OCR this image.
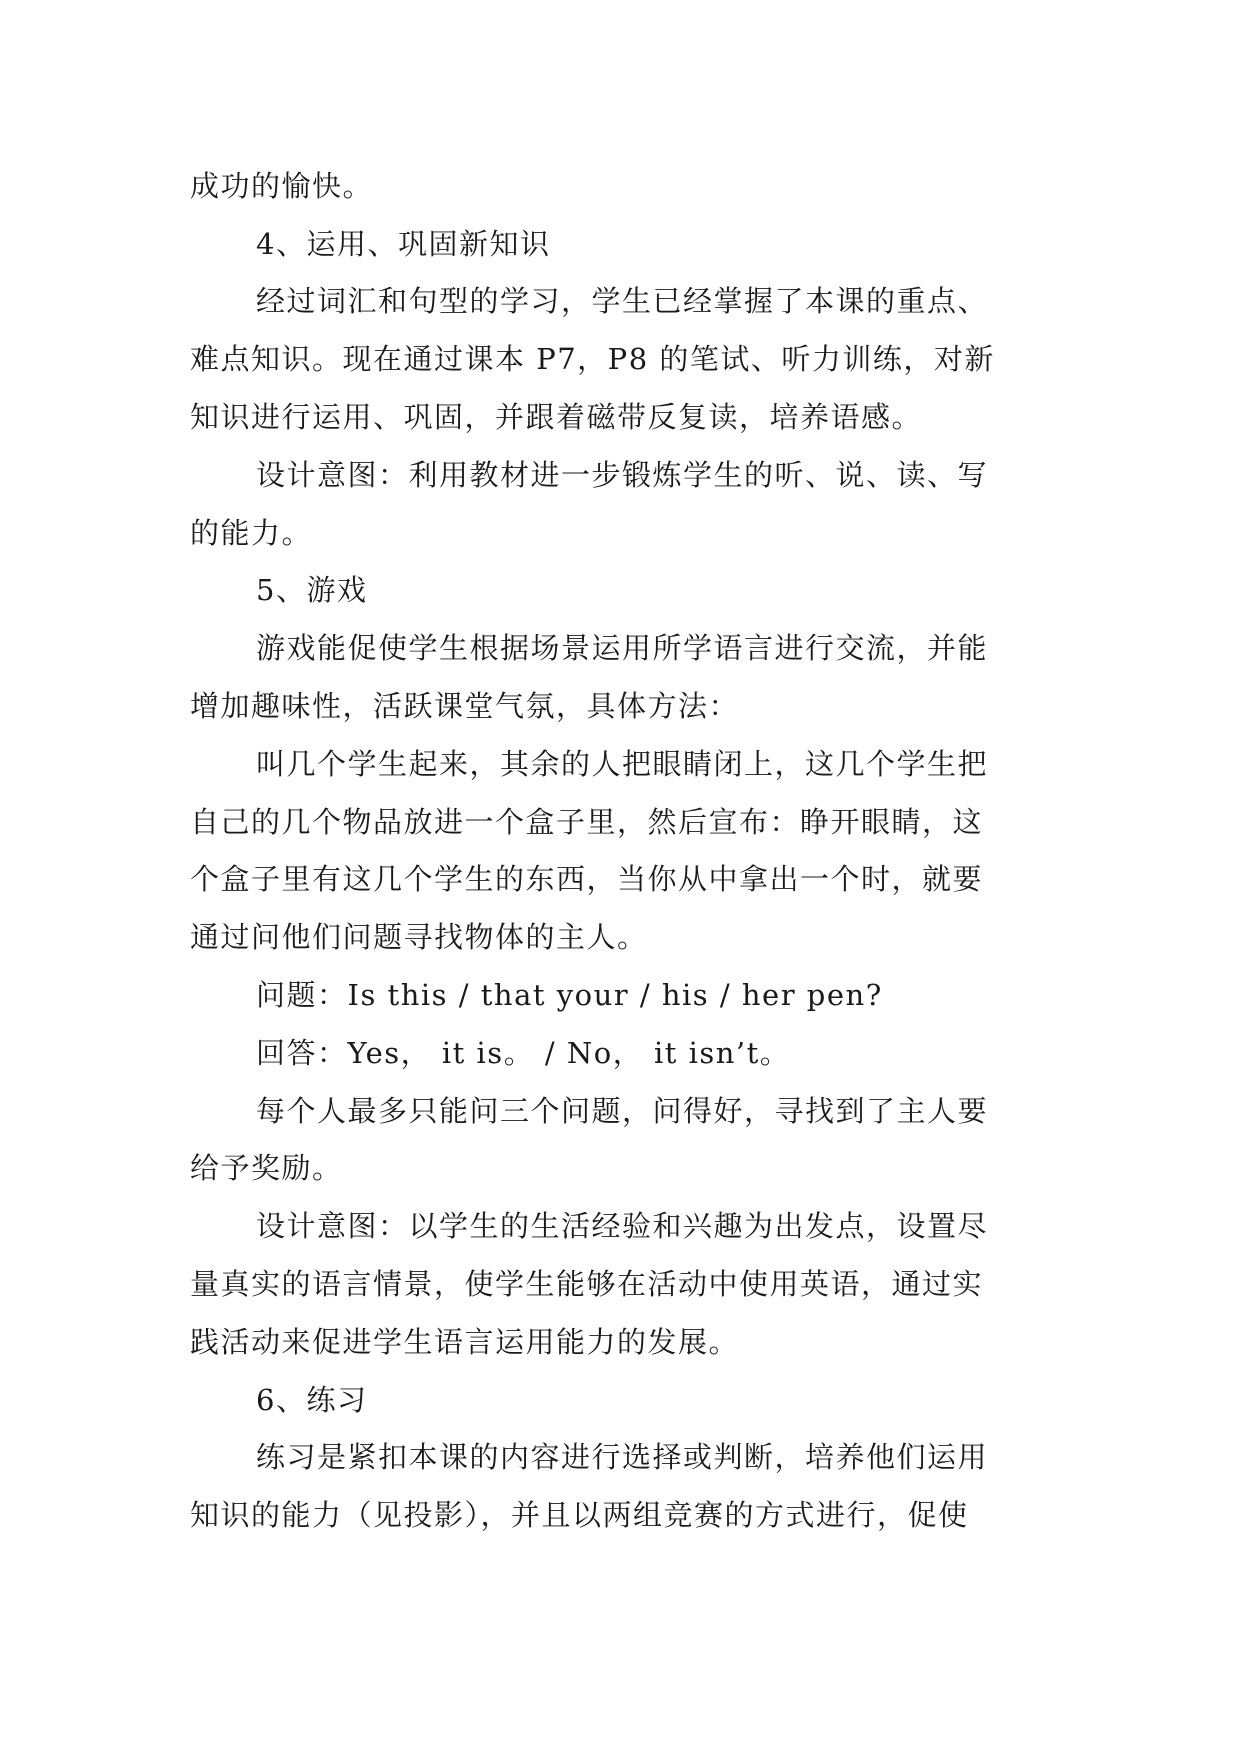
成功的愉快。

4、运用、巩固新知识

经过词汇和句型的学习，学生已经掌握了本课的重点、

难点知识。现在通过课本 P7，P8 的笔试、听力训练，对新

知识进行运用、巩固，并跟着磁带反复读，培养语感。

设计意图：利用教材进一步锻炼学生的听、说、读、写

的能力。

5、游戏

游戏能促使学生根据场景运用所学语言进行交流，并能

增加趣味性，活跃课堂气氛，具体方法：

叫几个学生起来，其余的人把眼睛闭上，这几个学生把

自己的几个物品放进一个盒子里，然后宣布：睁开眼睛，这

个盒子里有这几个学生的东西，当你从中拿出一个时，就要

通过问他们问题寻找物体的主人。

问题：Is this / that your / his / her pen?

回答：Yes， it is。 / No， it isn’t。

每个人最多只能问三个问题，问得好，寻找到了主人要

给予奖励。

设计意图：以学生的生活经验和兴趣为出发点，设置尽

量真实的语言情景，使学生能够在活动中使用英语，通过实

践活动来促进学生语言运用能力的发展。

6、练习

练习是紧扣本课的内容进行选择或判断，培养他们运用

知识的能力（见投影），并且以两组竞赛的方式进行，促使
